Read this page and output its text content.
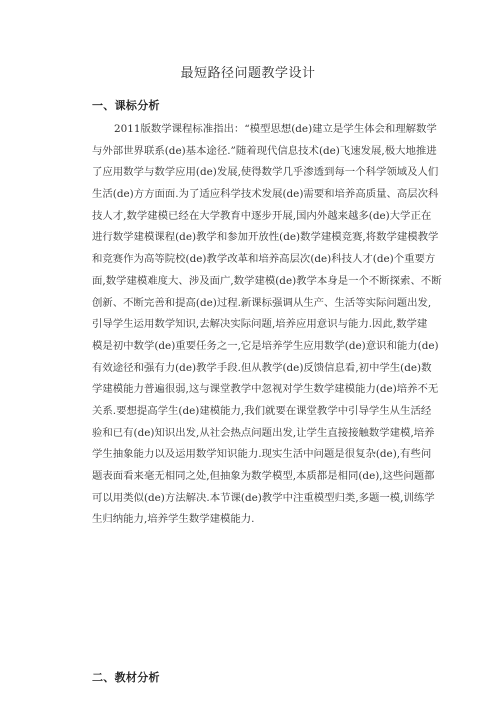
最短路径问题教学设计
一、课标分析
2011版数学课程标准指出：“模型思想(de)建立是学生体会和理解数学
与外部世界联系(de)基本途径.”随着现代信息技术(de)飞速发展,极大地推进
了应用数学与数学应用(de)发展,使得数学几乎渗透到每一个科学领域及人们
生活(de)方方面面.为了适应科学技术发展(de)需要和培养高质量、高层次科
技人才,数学建模已经在大学教育中逐步开展,国内外越来越多(de)大学正在
进行数学建模课程(de)教学和参加开放性(de)数学建模竞赛,将数学建模教学
和竞赛作为高等院校(de)教学改革和培养高层次(de)科技人才(de)个重要方
面,数学建模难度大、涉及面广,数学建模(de)教学本身是一个不断探索、不断
创新、不断完善和提高(de)过程.新课标强调从生产、生活等实际问题出发,
引导学生运用数学知识,去解决实际问题,培养应用意识与能力.因此,数学建
模是初中数学(de)重要任务之一,它是培养学生应用数学(de)意识和能力(de)
有效途径和强有力(de)教学手段.但从教学(de)反馈信息看,初中学生(de)数
学建模能力普遍很弱,这与课堂教学中忽视对学生数学建模能力(de)培养不无
关系.要想提高学生(de)建模能力,我们就要在课堂教学中引导学生从生活经
验和已有(de)知识出发,从社会热点问题出发,让学生直接接触数学建模,培养
学生抽象能力以及运用数学知识能力.现实生活中问题是很复杂(de),有些问
题表面看来毫无相同之处,但抽象为数学模型,本质都是相同(de),这些问题都
可以用类似(de)方法解决.本节课(de)教学中注重模型归类,多题一模,训练学
生归纳能力,培养学生数学建模能力.
二、教材分析
